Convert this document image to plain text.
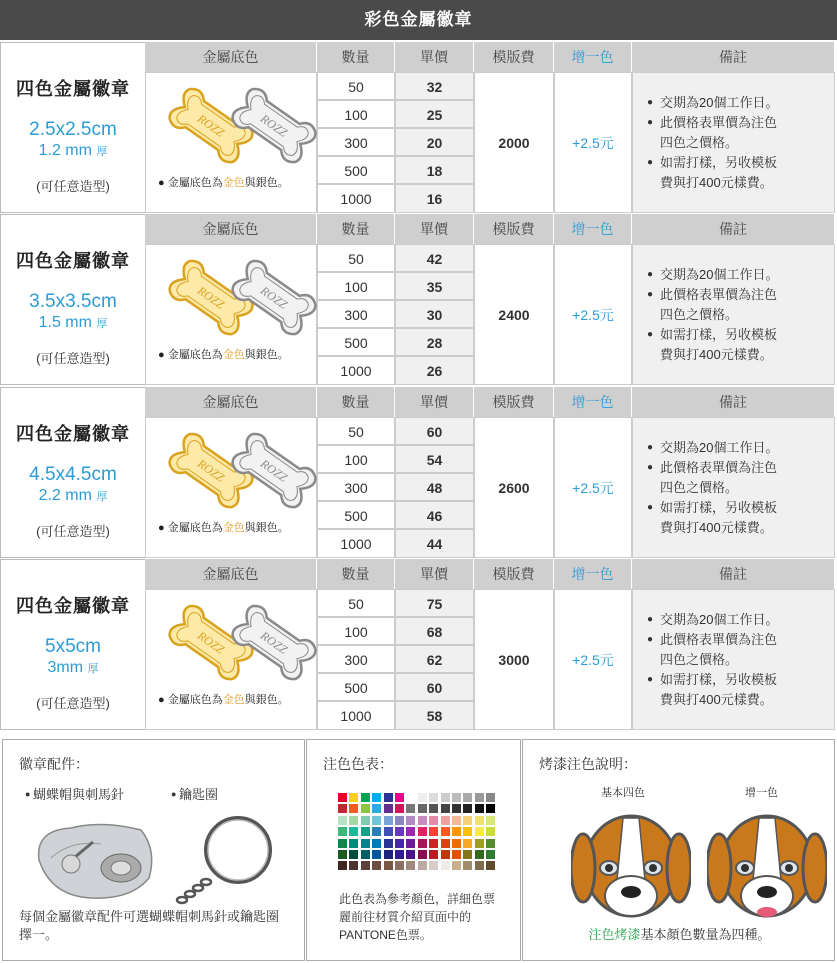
彩色金屬徽章
四色金屬徽章
2.5x2.5cm
1.2 mm 厚
(可任意造型)
金屬底色	數量	單價	模版費	增一色	備註
ROZZ	ROZZ
● 金屬底色為金色與銀色。
50	32
100	25
300	20
500	18
1000	16
2000	+2.5元
● 交期為20個工作日。
● 此價格表單價為注色四色之價格。
● 如需打樣，另收模板費與打400元樣費。
四色金屬徽章
3.5x3.5cm
1.5 mm 厚
(可任意造型)
金屬底色	數量	單價	模版費	增一色	備註
ROZZ	ROZZ
● 金屬底色為金色與銀色。
50	42
100	35
300	30
500	28
1000	26
2400	+2.5元
● 交期為20個工作日。
● 此價格表單價為注色四色之價格。
● 如需打樣，另收模板費與打400元樣費。
四色金屬徽章
4.5x4.5cm
2.2 mm 厚
(可任意造型)
金屬底色	數量	單價	模版費	增一色	備註
ROZZ	ROZZ
● 金屬底色為金色與銀色。
50	60
100	54
300	48
500	46
1000	44
2600	+2.5元
● 交期為20個工作日。
● 此價格表單價為注色四色之價格。
● 如需打樣，另收模板費與打400元樣費。
四色金屬徽章
5x5cm
3mm 厚
(可任意造型)
金屬底色	數量	單價	模版費	增一色	備註
ROZZ	ROZZ
● 金屬底色為金色與銀色。
50	75
100	68
300	62
500	60
1000	58
3000	+2.5元
● 交期為20個工作日。
● 此價格表單價為注色四色之價格。
● 如需打樣，另收模板費與打400元樣費。
徽章配件：
● 蝴蝶帽與刺馬針	● 鑰匙圈
每個金屬徽章配件可選蝴蝶帽刺馬針或鑰匙圈擇一。
注色色表：
此色表為參考顏色，詳細色票麗前往材質介紹頁面中的 PANTONE色票。
烤漆注色說明：
基本四色	增一色
注色烤漆基本顏色數量為四種。
